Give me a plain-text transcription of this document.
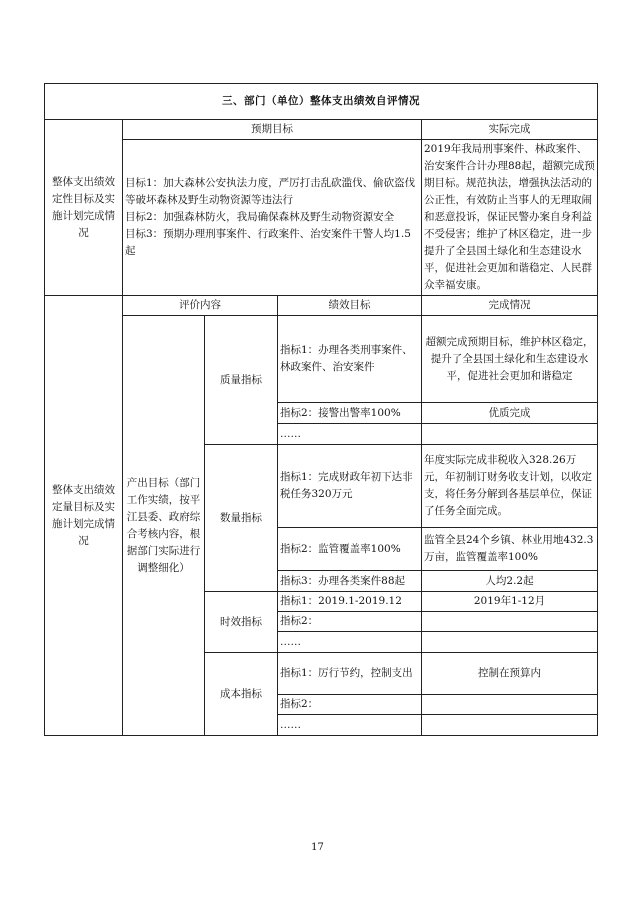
三、部门（单位）整体支出绩效自评情况				
整体支出绩效定性目标及实施计划完成情况	预期目标			实际完成

	目标1：加大森林公安执法力度，严厉打击乱砍滥伐、偷砍盗伐等破坏森林及野生动物资源等违法行
目标2：加强森林防火，我局确保森林及野生动物资源安全
目标3：预期办理刑事案件、行政案件、治安案件干警人均1.5起			2019年我局刑事案件、林政案件、治安案件合计办理88起，超额完成预期目标。规范执法，增强执法活动的公正性，有效防止当事人的无理取闹和恶意投诉，保证民警办案自身利益不受侵害；维护了林区稳定，进一步提升了全县国土绿化和生态建设水平，促进社会更加和谐稳定、人民群众幸福安康。
整体支出绩效定量目标及实施计划完成情况	评价内容		绩效目标	完成情况
	产出目标（部门工作实绩，按平江县委、政府综合考核内容，根据部门实际进行调整细化）	质量指标	指标1：办理各类刑事案件、林政案件、治安案件	超额完成预期目标，维护林区稳定，提升了全县国土绿化和生态建设水平，促进社会更加和谐稳定
			指标2：接警出警率100%	优质完成
			……	
		数量指标	指标1：完成财政年初下达非税任务320万元	年度实际完成非税收入328.26万元，年初制订财务收支计划，以收定支，将任务分解到各基层单位，保证了任务全面完成。
			指标2：监管覆盖率100%	监管全县24个乡镇、林业用地432.3万亩，监管覆盖率100%
			指标3：办理各类案件88起	人均2.2起
		时效指标	指标1：2019.1-2019.12	2019年1-12月
			指标2：	
			……	
		成本指标	指标1：厉行节约，控制支出	控制在预算内
			指标2：	
			……	
17
